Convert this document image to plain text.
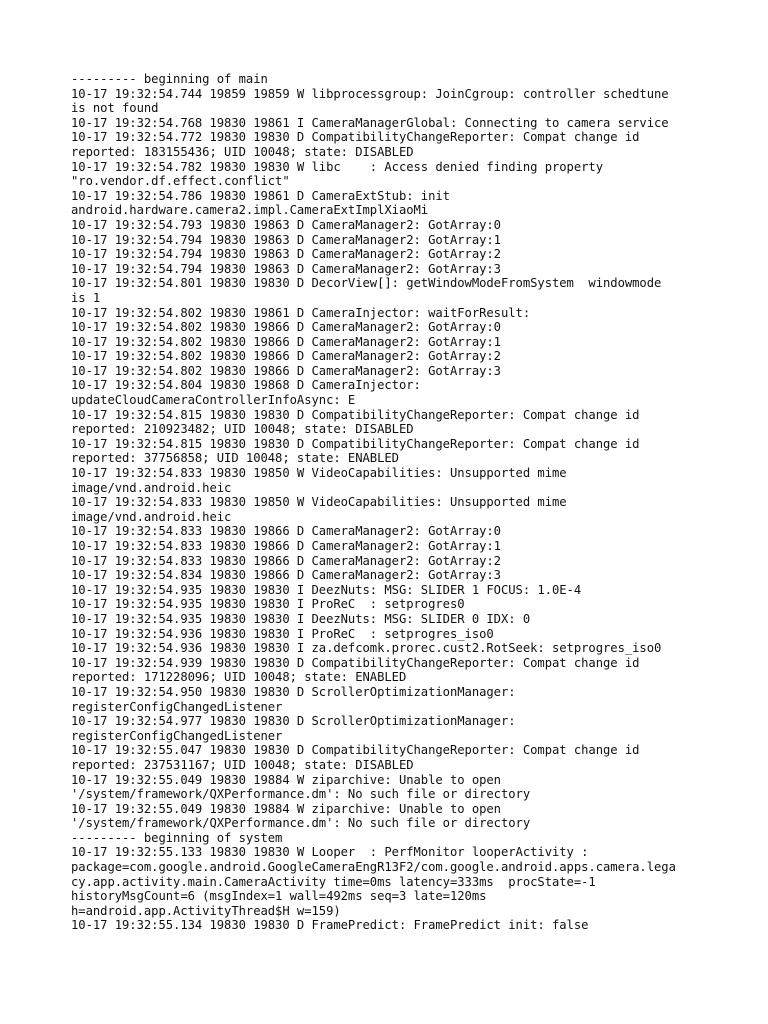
--------- beginning of main
10-17 19:32:54.744 19859 19859 W libprocessgroup: JoinCgroup: controller schedtune
is not found
10-17 19:32:54.768 19830 19861 I CameraManagerGlobal: Connecting to camera service
10-17 19:32:54.772 19830 19830 D CompatibilityChangeReporter: Compat change id
reported: 183155436; UID 10048; state: DISABLED
10-17 19:32:54.782 19830 19830 W libc    : Access denied finding property
"ro.vendor.df.effect.conflict"
10-17 19:32:54.786 19830 19861 D CameraExtStub: init
android.hardware.camera2.impl.CameraExtImplXiaoMi
10-17 19:32:54.793 19830 19863 D CameraManager2: GotArray:0
10-17 19:32:54.794 19830 19863 D CameraManager2: GotArray:1
10-17 19:32:54.794 19830 19863 D CameraManager2: GotArray:2
10-17 19:32:54.794 19830 19863 D CameraManager2: GotArray:3
10-17 19:32:54.801 19830 19830 D DecorView[]: getWindowModeFromSystem  windowmode
is 1
10-17 19:32:54.802 19830 19861 D CameraInjector: waitForResult:
10-17 19:32:54.802 19830 19866 D CameraManager2: GotArray:0
10-17 19:32:54.802 19830 19866 D CameraManager2: GotArray:1
10-17 19:32:54.802 19830 19866 D CameraManager2: GotArray:2
10-17 19:32:54.802 19830 19866 D CameraManager2: GotArray:3
10-17 19:32:54.804 19830 19868 D CameraInjector:
updateCloudCameraControllerInfoAsync: E
10-17 19:32:54.815 19830 19830 D CompatibilityChangeReporter: Compat change id
reported: 210923482; UID 10048; state: DISABLED
10-17 19:32:54.815 19830 19830 D CompatibilityChangeReporter: Compat change id
reported: 37756858; UID 10048; state: ENABLED
10-17 19:32:54.833 19830 19850 W VideoCapabilities: Unsupported mime
image/vnd.android.heic
10-17 19:32:54.833 19830 19850 W VideoCapabilities: Unsupported mime
image/vnd.android.heic
10-17 19:32:54.833 19830 19866 D CameraManager2: GotArray:0
10-17 19:32:54.833 19830 19866 D CameraManager2: GotArray:1
10-17 19:32:54.833 19830 19866 D CameraManager2: GotArray:2
10-17 19:32:54.834 19830 19866 D CameraManager2: GotArray:3
10-17 19:32:54.935 19830 19830 I DeezNuts: MSG: SLIDER 1 FOCUS: 1.0E-4
10-17 19:32:54.935 19830 19830 I ProReC  : setprogres0
10-17 19:32:54.935 19830 19830 I DeezNuts: MSG: SLIDER 0 IDX: 0
10-17 19:32:54.936 19830 19830 I ProReC  : setprogres_iso0
10-17 19:32:54.936 19830 19830 I za.defcomk.prorec.cust2.RotSeek: setprogres_iso0
10-17 19:32:54.939 19830 19830 D CompatibilityChangeReporter: Compat change id
reported: 171228096; UID 10048; state: ENABLED
10-17 19:32:54.950 19830 19830 D ScrollerOptimizationManager:
registerConfigChangedListener
10-17 19:32:54.977 19830 19830 D ScrollerOptimizationManager:
registerConfigChangedListener
10-17 19:32:55.047 19830 19830 D CompatibilityChangeReporter: Compat change id
reported: 237531167; UID 10048; state: DISABLED
10-17 19:32:55.049 19830 19884 W ziparchive: Unable to open
'/system/framework/QXPerformance.dm': No such file or directory
10-17 19:32:55.049 19830 19884 W ziparchive: Unable to open
'/system/framework/QXPerformance.dm': No such file or directory
--------- beginning of system
10-17 19:32:55.133 19830 19830 W Looper  : PerfMonitor looperActivity :
package=com.google.android.GoogleCameraEngR13F2/com.google.android.apps.camera.lega
cy.app.activity.main.CameraActivity time=0ms latency=333ms  procState=-1
historyMsgCount=6 (msgIndex=1 wall=492ms seq=3 late=120ms
h=android.app.ActivityThread$H w=159)
10-17 19:32:55.134 19830 19830 D FramePredict: FramePredict init: false
